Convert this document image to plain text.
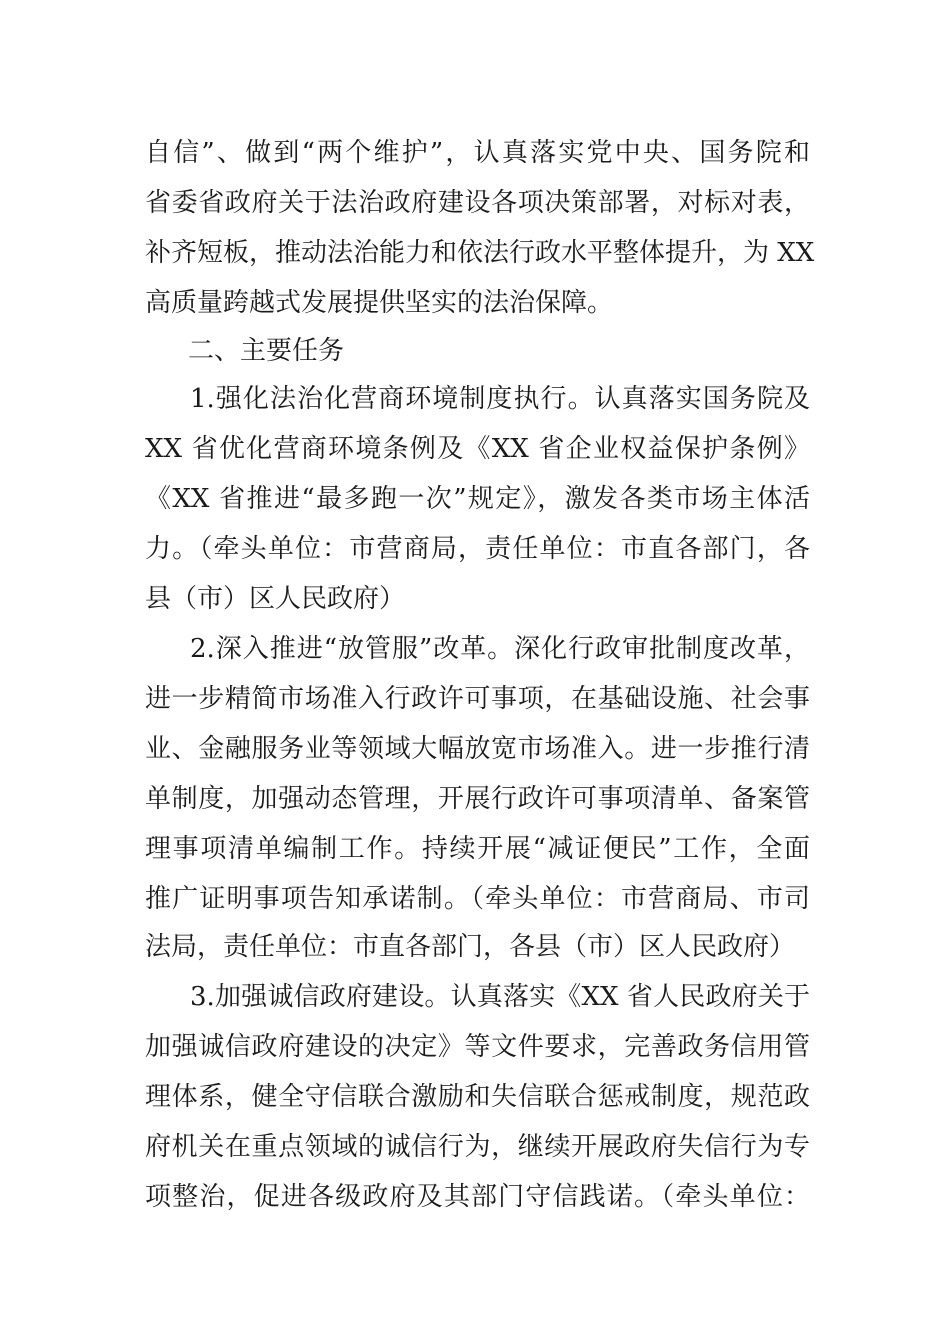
自信”、做到“两个维护”，认真落实党中央、国务院和
省委省政府关于法治政府建设各项决策部署，对标对表，
补齐短板，推动法治能力和依法行政水平整体提升，为 XX
高质量跨越式发展提供坚实的法治保障。
二、主要任务
1.强化法治化营商环境制度执行。认真落实国务院及
XX 省优化营商环境条例及《XX 省企业权益保护条例》
《XX 省推进“最多跑一次”规定》，激发各类市场主体活
力。（牵头单位：市营商局，责任单位：市直各部门，各
县（市）区人民政府）
2.深入推进“放管服”改革。深化行政审批制度改革，
进一步精简市场准入行政许可事项，在基础设施、社会事
业、金融服务业等领域大幅放宽市场准入。进一步推行清
单制度，加强动态管理，开展行政许可事项清单、备案管
理事项清单编制工作。持续开展“减证便民”工作，全面
推广证明事项告知承诺制。（牵头单位：市营商局、市司
法局，责任单位：市直各部门，各县（市）区人民政府）
3.加强诚信政府建设。认真落实《XX 省人民政府关于
加强诚信政府建设的决定》等文件要求，完善政务信用管
理体系，健全守信联合激励和失信联合惩戒制度，规范政
府机关在重点领域的诚信行为，继续开展政府失信行为专
项整治，促进各级政府及其部门守信践诺。（牵头单位：
